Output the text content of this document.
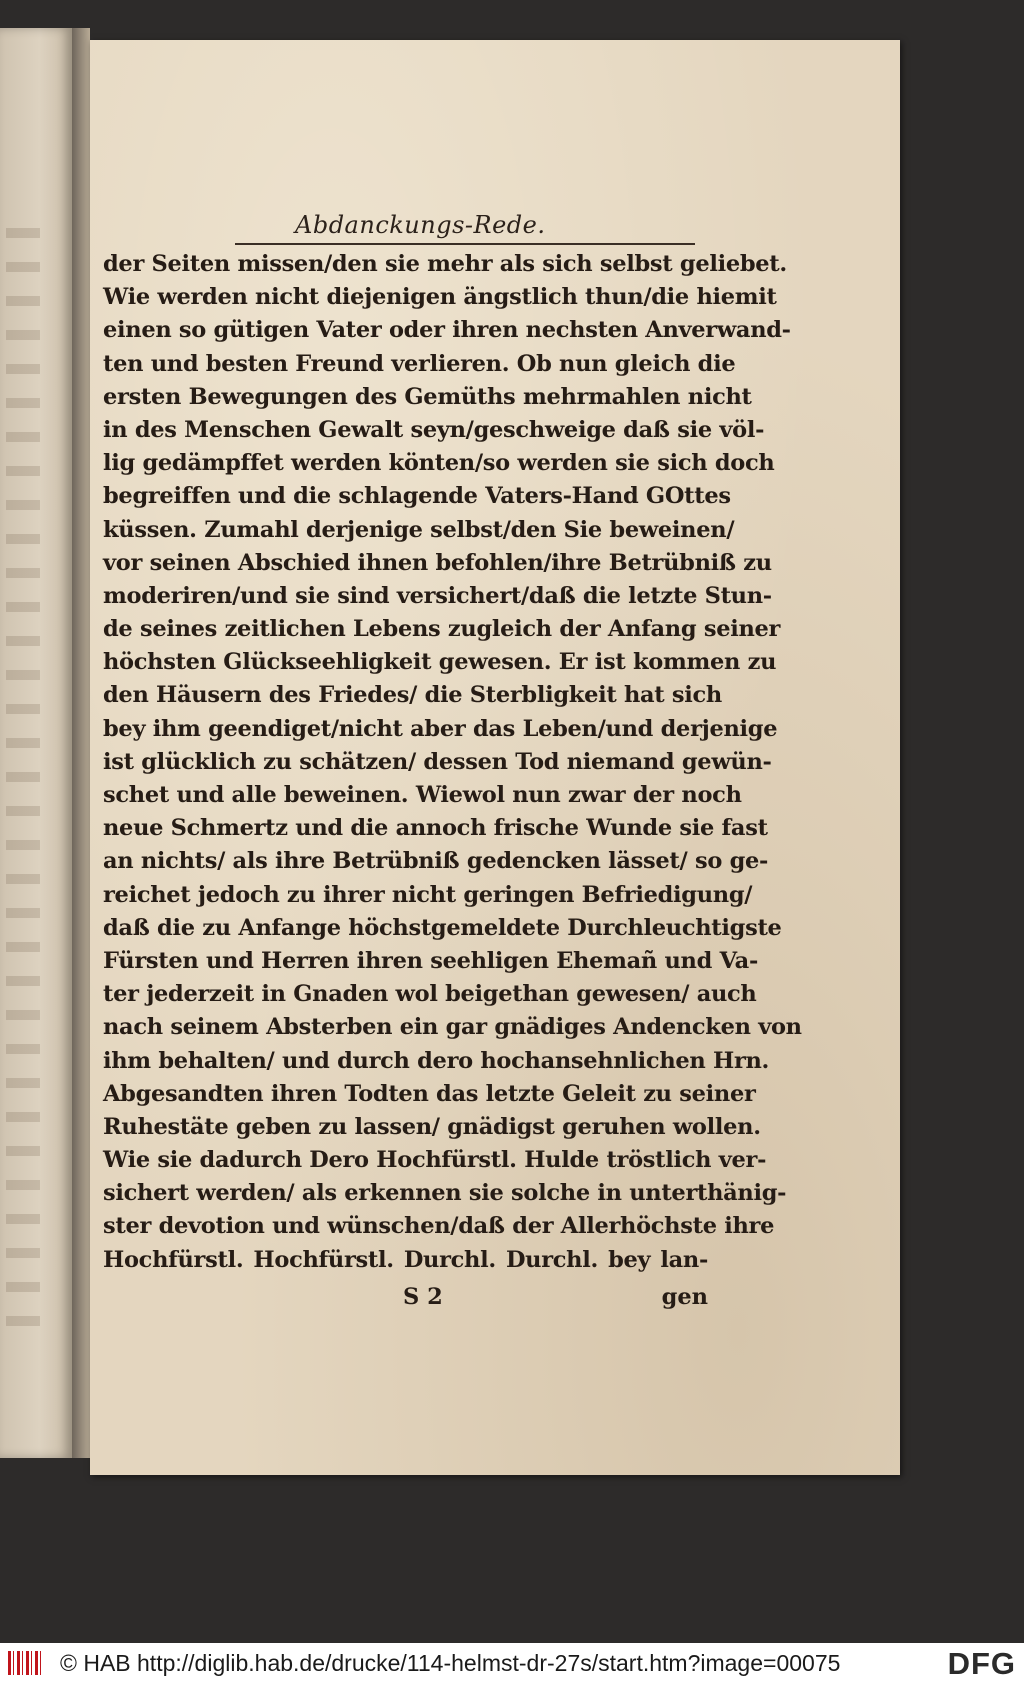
Abdanckungs-Rede.
der Seiten missen/den sie mehr als sich selbst geliebet.
Wie werden nicht diejenigen ängstlich thun/die hiemit
einen so gütigen Vater oder ihren nechsten Anverwand-
ten und besten Freund verlieren. Ob nun gleich die
ersten Bewegungen des Gemüths mehrmahlen nicht
in des Menschen Gewalt seyn/geschweige daß sie völ-
lig gedämpffet werden könten/so werden sie sich doch
begreiffen und die schlagende Vaters-Hand GOttes
küssen. Zumahl derjenige selbst/den Sie beweinen/
vor seinen Abschied ihnen befohlen/ihre Betrübniß zu
moderiren/und sie sind versichert/daß die letzte Stun-
de seines zeitlichen Lebens zugleich der Anfang seiner
höchsten Glückseehligkeit gewesen. Er ist kommen zu
den Häusern des Friedes/ die Sterbligkeit hat sich
bey ihm geendiget/nicht aber das Leben/und derjenige
ist glücklich zu schätzen/ dessen Tod niemand gewün-
schet und alle beweinen. Wiewol nun zwar der noch
neue Schmertz und die annoch frische Wunde sie fast
an nichts/ als ihre Betrübniß gedencken lässet/ so ge-
reichet jedoch zu ihrer nicht geringen Befriedigung/
daß die zu Anfange höchstgemeldete Durchleuchtigste
Fürsten und Herren ihren seehligen Ehemañ und Va-
ter jederzeit in Gnaden wol beigethan gewesen/ auch
nach seinem Absterben ein gar gnädiges Andencken von
ihm behalten/ und durch dero hochansehnlichen Hrn.
Abgesandten ihren Todten das letzte Geleit zu seiner
Ruhestäte geben zu lassen/ gnädigst geruhen wollen.
Wie sie dadurch Dero Hochfürstl. Hulde tröstlich ver-
sichert werden/ als erkennen sie solche in unterthänig-
ster devotion und wünschen/daß der Allerhöchste ihre
Hochfürstl. Hochfürstl. Durchl. Durchl. bey lan-
S 2	gen
© HAB http://diglib.hab.de/drucke/114-helmst-dr-27s/start.htm?image=00075	DFG
